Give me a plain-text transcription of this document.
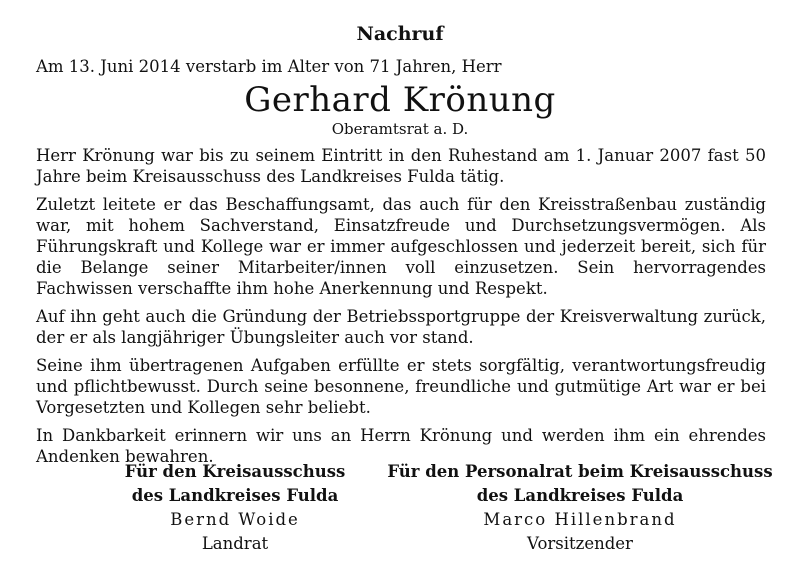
Nachruf
Am 13. Juni 2014 verstarb im Alter von 71 Jahren, Herr
Gerhard Krönung
Oberamtsrat a. D.

Herr Krönung war bis zu seinem Eintritt in den Ruhestand am 1. Januar 2007 fast 50 Jahre beim Kreisausschuss des Landkreises Fulda tätig.

Zuletzt leitete er das Beschaffungsamt, das auch für den Kreisstraßenbau zuständig war, mit hohem Sachverstand, Einsatzfreude und Durchsetzungsvermögen. Als Führungskraft und Kollege war er immer aufgeschlossen und jederzeit bereit, sich für die Belange seiner Mitarbeiter/innen voll einzusetzen. Sein hervorragendes Fachwissen verschaffte ihm hohe Anerkennung und Respekt.

Auf ihn geht auch die Gründung der Betriebssportgruppe der Kreisverwaltung zurück, der er als langjähriger Übungsleiter auch vor stand.

Seine ihm übertragenen Aufgaben erfüllte er stets sorgfältig, verantwortungsfreudig und pflichtbewusst. Durch seine besonnene, freundliche und gutmütige Art war er bei Vorgesetzten und Kollegen sehr beliebt.

In Dankbarkeit erinnern wir uns an Herrn Krönung und werden ihm ein ehrendes Andenken bewahren.

Für den Kreisausschuss
des Landkreises Fulda
Bernd Woide
Landrat
Für den Personalrat beim Kreisausschuss
des Landkreises Fulda
Marco Hillenbrand
Vorsitzender
